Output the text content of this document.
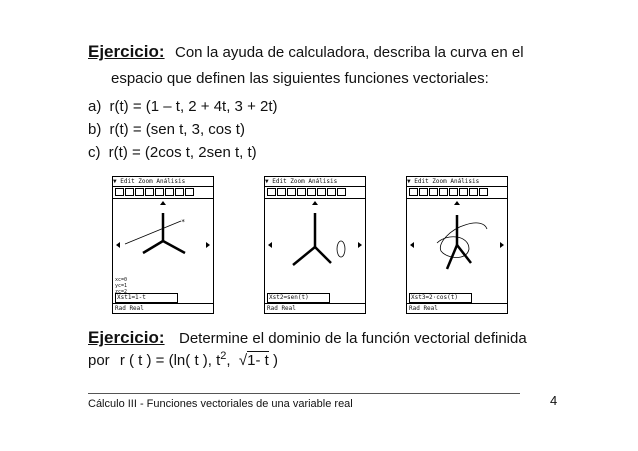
Ejercicio: Con la ayuda de calculadora, describa la curva en el
espacio que definen las siguientes funciones vectoriales:
a) r(t) = (1 – t, 2 + 4t, 3 + 2t)
b) r(t) = (sen t, 3, cos t)
c) r(t) = (2cos t, 2sen t, t)
▼ Edit Zoom Análisis
*
xc=0
yc=1
zc=2
Xst1=1-t
Rad Real
▼ Edit Zoom Análisis
Xst2=sen(t)
Rad Real
▼ Edit Zoom Análisis
Xst3=2·cos(t)
Rad Real
Ejercicio: Determine el dominio de la función vectorial definida
por r ( t ) = (ln( t ), $t^2$,  √1- t )
Cálculo III - Funciones vectoriales de una variable real	4
